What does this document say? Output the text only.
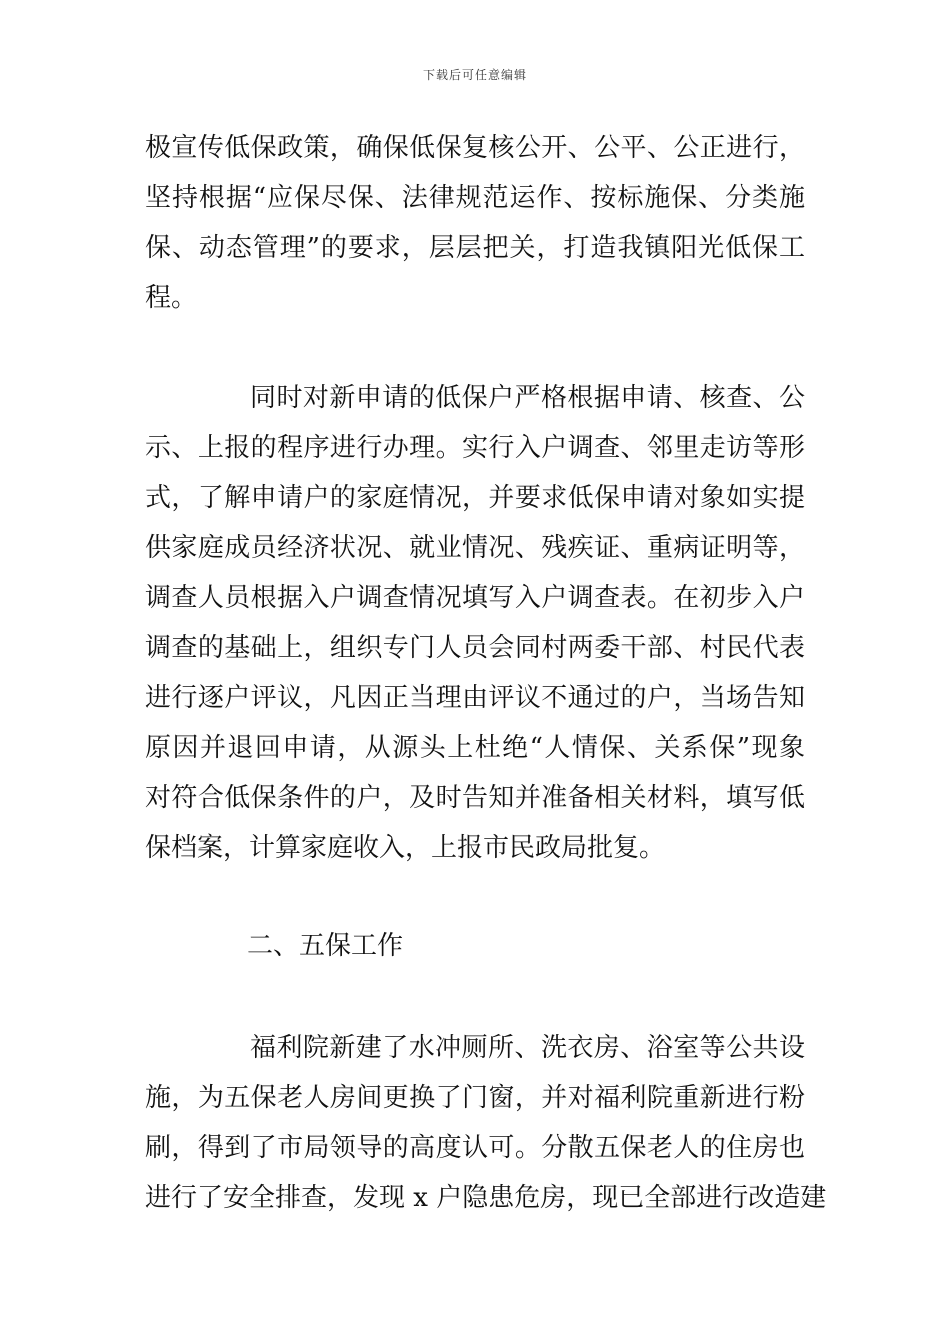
下载后可任意编辑
极宣传低保政策，确保低保复核公开、公平、公正进行，
坚持根据“应保尽保、法律规范运作、按标施保、分类施
保、动态管理”的要求，层层把关，打造我镇阳光低保工
程。
同时对新申请的低保户严格根据申请、核查、公
示、上报的程序进行办理。实行入户调查、邻里走访等形
式，了解申请户的家庭情况，并要求低保申请对象如实提
供家庭成员经济状况、就业情况、残疾证、重病证明等，
调查人员根据入户调查情况填写入户调查表。在初步入户
调查的基础上，组织专门人员会同村两委干部、村民代表
进行逐户评议，凡因正当理由评议不通过的户，当场告知
原因并退回申请，从源头上杜绝“人情保、关系保”现象
对符合低保条件的户，及时告知并准备相关材料，填写低
保档案，计算家庭收入，上报市民政局批复。
二、五保工作
福利院新建了水冲厕所、洗衣房、浴室等公共设
施，为五保老人房间更换了门窗，并对福利院重新进行粉
刷，得到了市局领导的高度认可。分散五保老人的住房也
进行了安全排查，发现 x 户隐患危房，现已全部进行改造建
